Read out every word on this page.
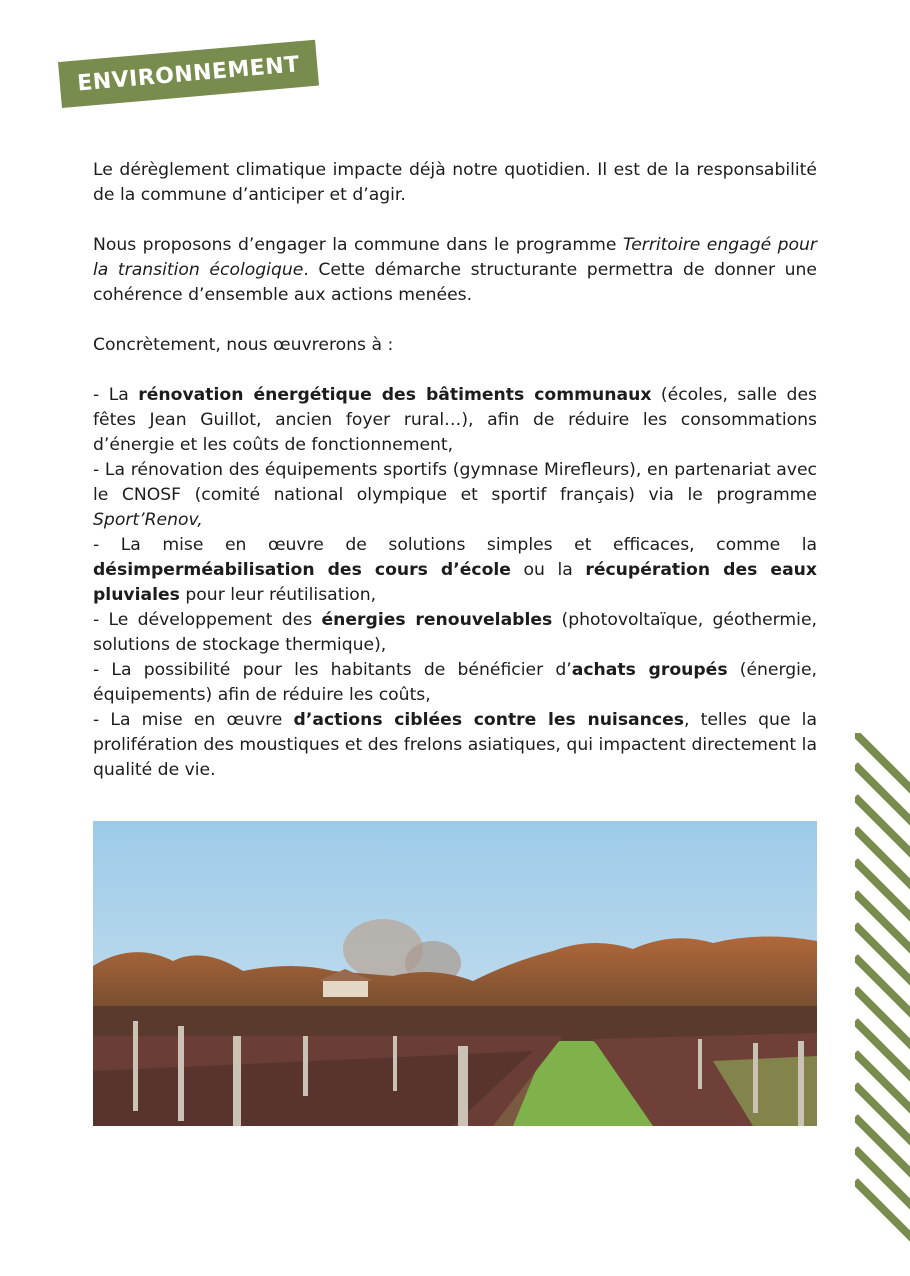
ENVIRONNEMENT

Le dérèglement climatique impacte déjà notre quotidien. Il est de la responsabilité de la commune d’anticiper et d’agir.

Nous proposons d’engager la commune dans le programme Territoire engagé pour la transition écologique. Cette démarche structurante permettra de donner une cohérence d’ensemble aux actions menées.

Concrètement, nous œuvrerons à :

- La rénovation énergétique des bâtiments communaux (écoles, salle des fêtes Jean Guillot, ancien foyer rural…), afin de réduire les consommations d’énergie et les coûts de fonctionnement,

- La rénovation des équipements sportifs (gymnase Mirefleurs), en partenariat avec le CNOSF (comité national olympique et sportif français) via le programme Sport’Renov,

- La mise en œuvre de solutions simples et efficaces, comme la désimperméabilisation des cours d’école ou la récupération des eaux pluviales pour leur réutilisation,

- Le développement des énergies renouvelables (photovoltaïque, géothermie, solutions de stockage thermique),

- La possibilité pour les habitants de bénéficier d’achats groupés (énergie, équipements) afin de réduire les coûts,

- La mise en œuvre d’actions ciblées contre les nuisances, telles que la prolifération des moustiques et des frelons asiatiques, qui impactent directement la qualité de vie.
